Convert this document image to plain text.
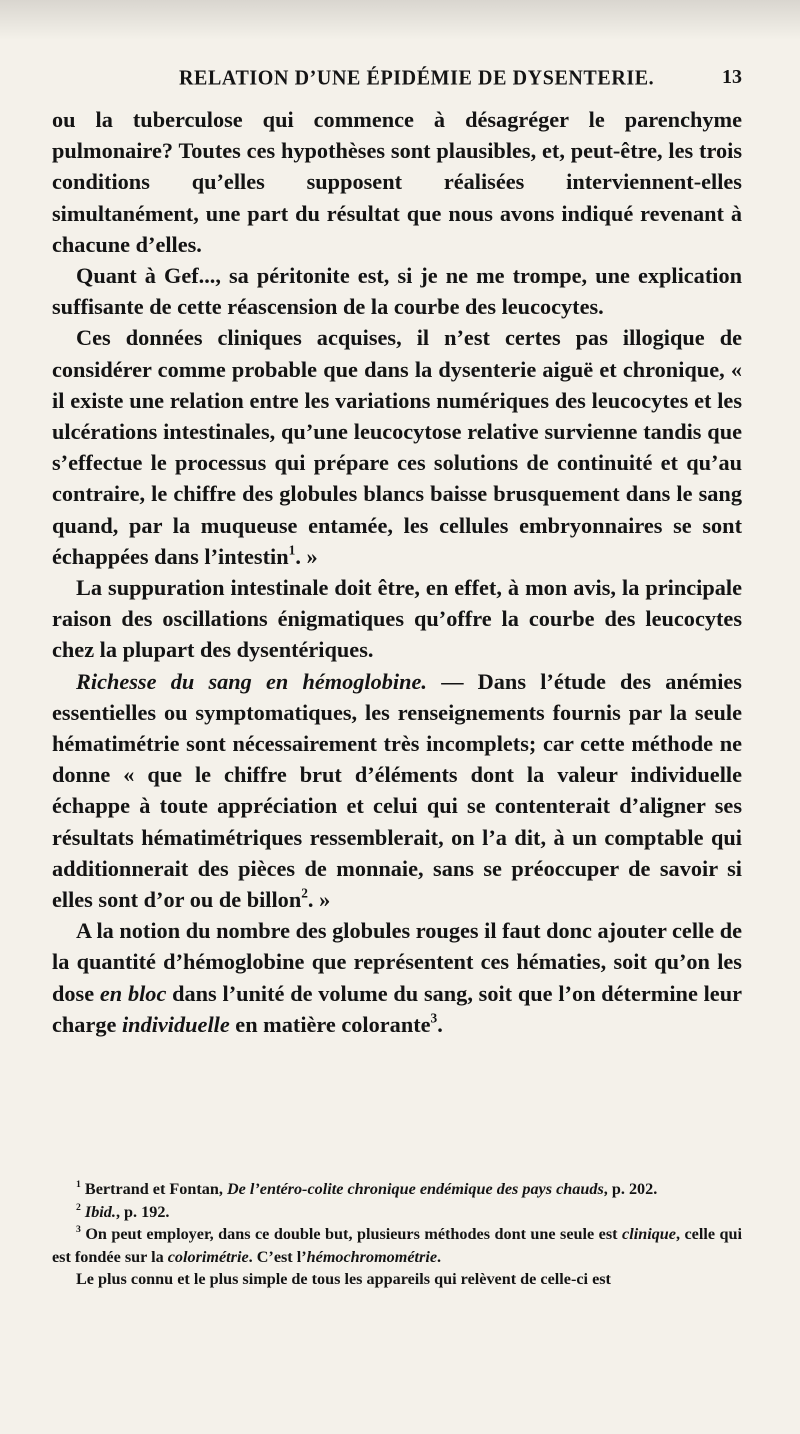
RELATION D’UNE ÉPIDÉMIE DE DYSENTERIE.	13

ou la tuberculose qui commence à désagréger le parenchyme pulmonaire? Toutes ces hypothèses sont plausibles, et, peut-être, les trois conditions qu’elles supposent réalisées interviennent-elles simultanément, une part du résultat que nous avons indiqué revenant à chacune d’elles.

Quant à Gef..., sa péritonite est, si je ne me trompe, une explication suffisante de cette réascension de la courbe des leucocytes.

Ces données cliniques acquises, il n’est certes pas illogique de considérer comme probable que dans la dysenterie aiguë et chronique, « il existe une relation entre les variations numériques des leucocytes et les ulcérations intestinales, qu’une leucocytose relative survienne tandis que s’effectue le processus qui prépare ces solutions de continuité et qu’au contraire, le chiffre des globules blancs baisse brusquement dans le sang quand, par la muqueuse entamée, les cellules embryonnaires se sont échappées dans l’intestin$^1$. »

La suppuration intestinale doit être, en effet, à mon avis, la principale raison des oscillations énigmatiques qu’offre la courbe des leucocytes chez la plupart des dysentériques.

Richesse du sang en hémoglobine. — Dans l’étude des anémies essentielles ou symptomatiques, les renseignements fournis par la seule hématimétrie sont nécessairement très incomplets; car cette méthode ne donne « que le chiffre brut d’éléments dont la valeur individuelle échappe à toute appréciation et celui qui se contenterait d’aligner ses résultats hématimétriques ressemblerait, on l’a dit, à un comptable qui additionnerait des pièces de monnaie, sans se préoccuper de savoir si elles sont d’or ou de billon$^2$. »

A la notion du nombre des globules rouges il faut donc ajouter celle de la quantité d’hémoglobine que représentent ces hématies, soit qu’on les dose en bloc dans l’unité de volume du sang, soit que l’on détermine leur charge individuelle en matière colorante$^3$.

$^1$ Bertrand et Fontan, De l’entéro-colite chronique endémique des pays chauds, p. 202.

$^2$ Ibid., p. 192.

$^3$ On peut employer, dans ce double but, plusieurs méthodes dont une seule est clinique, celle qui est fondée sur la colorimétrie. C’est l’hémochromométrie.

Le plus connu et le plus simple de tous les appareils qui relèvent de celle-ci est
